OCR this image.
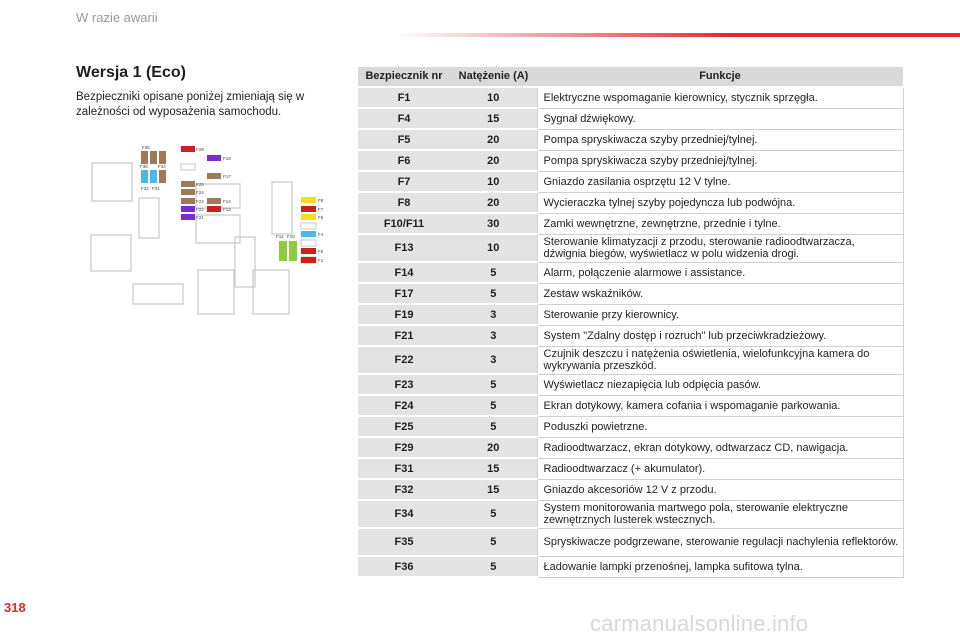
W razie awarii
Wersja 1 (Eco)
Bezpieczniki opisane poniżej zmieniają się w zależności od wyposażenia samochodu.
F35
F36
F32 F31
F34
F29
F19
F17
F25
F24
F23
F22
F21
F14
F13
F11 F10
F8
F7
F6
F4
F5
F1
Bezpiecznik nr	Natężenie (A)	Funkcje
F1	10	Elektryczne wspomaganie kierownicy, stycznik sprzęgła.
F4	15	Sygnał dźwiękowy.
F5	20	Pompa spryskiwacza szyby przedniej/tylnej.
F6	20	Pompa spryskiwacza szyby przedniej/tylnej.
F7	10	Gniazdo zasilania osprzętu 12 V tylne.
F8	20	Wycieraczka tylnej szyby pojedyncza lub podwójna.
F10/F11	30	Zamki wewnętrzne, zewnętrzne, przednie i tylne.
F13	10	Sterowanie klimatyzacji z przodu, sterowanie radioodtwarzacza, dźwignia biegów, wyświetlacz w polu widzenia drogi.
F14	5	Alarm, połączenie alarmowe i assistance.
F17	5	Zestaw wskaźników.
F19	3	Sterowanie przy kierownicy.
F21	3	System "Zdalny dostęp i rozruch" lub przeciwkradzieżowy.
F22	3	Czujnik deszczu i natężenia oświetlenia, wielofunkcyjna kamera do wykrywania przeszkód.
F23	5	Wyświetlacz niezapięcia lub odpięcia pasów.
F24	5	Ekran dotykowy, kamera cofania i wspomaganie parkowania.
F25	5	Poduszki powietrzne.
F29	20	Radioodtwarzacz, ekran dotykowy, odtwarzacz CD, nawigacja.
F31	15	Radioodtwarzacz (+ akumulator).
F32	15	Gniazdo akcesoriów 12 V z przodu.
F34	5	System monitorowania martwego pola, sterowanie elektryczne zewnętrznych lusterek wstecznych.
F35	5	Spryskiwacze podgrzewane, sterowanie regulacji nachylenia reflektorów.
F36	5	Ładowanie lampki przenośnej, lampka sufitowa tylna.
318
carmanualsonline.info
